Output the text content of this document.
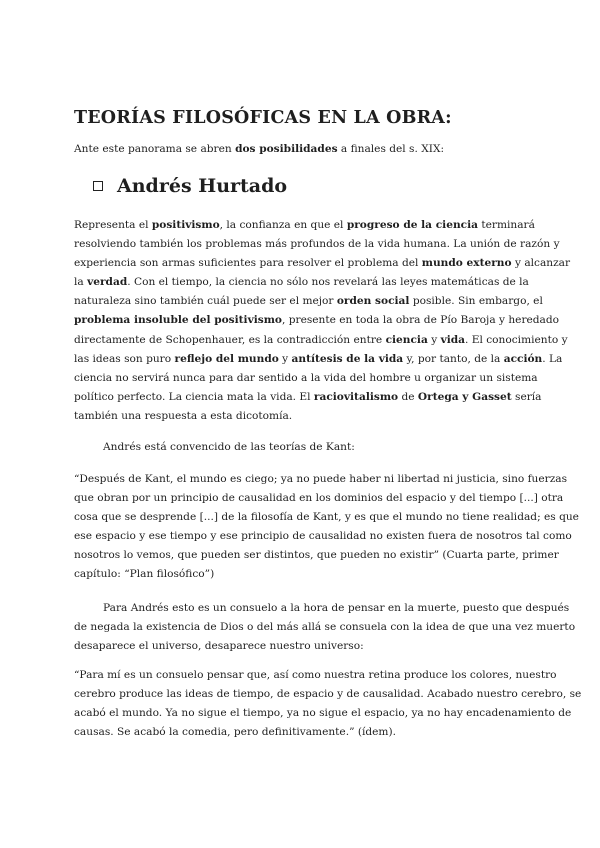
TEORÍAS FILOSÓFICAS EN LA OBRA:
Ante este panorama se abren dos posibilidades a finales del s. XIX:
Andrés Hurtado
Representa el positivismo, la confianza en que el progreso de la ciencia terminará
resolviendo también los problemas más profundos de la vida humana. La unión de razón y
experiencia son armas suficientes para resolver el problema del mundo externo y alcanzar
la verdad. Con el tiempo, la ciencia no sólo nos revelará las leyes matemáticas de la
naturaleza sino también cuál puede ser el mejor orden social posible. Sin embargo, el
problema insoluble del positivismo, presente en toda la obra de Pío Baroja y heredado
directamente de Schopenhauer, es la contradicción entre ciencia y vida. El conocimiento y
las ideas son puro reflejo del mundo y antítesis de la vida y, por tanto, de la acción. La
ciencia no servirá nunca para dar sentido a la vida del hombre u organizar un sistema
político perfecto. La ciencia mata la vida. El raciovitalismo de Ortega y Gasset sería
también una respuesta a esta dicotomía.
Andrés está convencido de las teorías de Kant:
“Después de Kant, el mundo es ciego; ya no puede haber ni libertad ni justicia, sino fuerzas
que obran por un principio de causalidad en los dominios del espacio y del tiempo [...] otra
cosa que se desprende [...] de la filosofía de Kant, y es que el mundo no tiene realidad; es que
ese espacio y ese tiempo y ese principio de causalidad no existen fuera de nosotros tal como
nosotros lo vemos, que pueden ser distintos, que pueden no existir” (Cuarta parte, primer
capítulo: “Plan filosófico”)
Para Andrés esto es un consuelo a la hora de pensar en la muerte, puesto que después
de negada la existencia de Dios o del más allá se consuela con la idea de que una vez muerto
desaparece el universo, desaparece nuestro universo:
“Para mí es un consuelo pensar que, así como nuestra retina produce los colores, nuestro
cerebro produce las ideas de tiempo, de espacio y de causalidad. Acabado nuestro cerebro, se
acabó el mundo. Ya no sigue el tiempo, ya no sigue el espacio, ya no hay encadenamiento de
causas. Se acabó la comedia, pero definitivamente.” (ídem).
